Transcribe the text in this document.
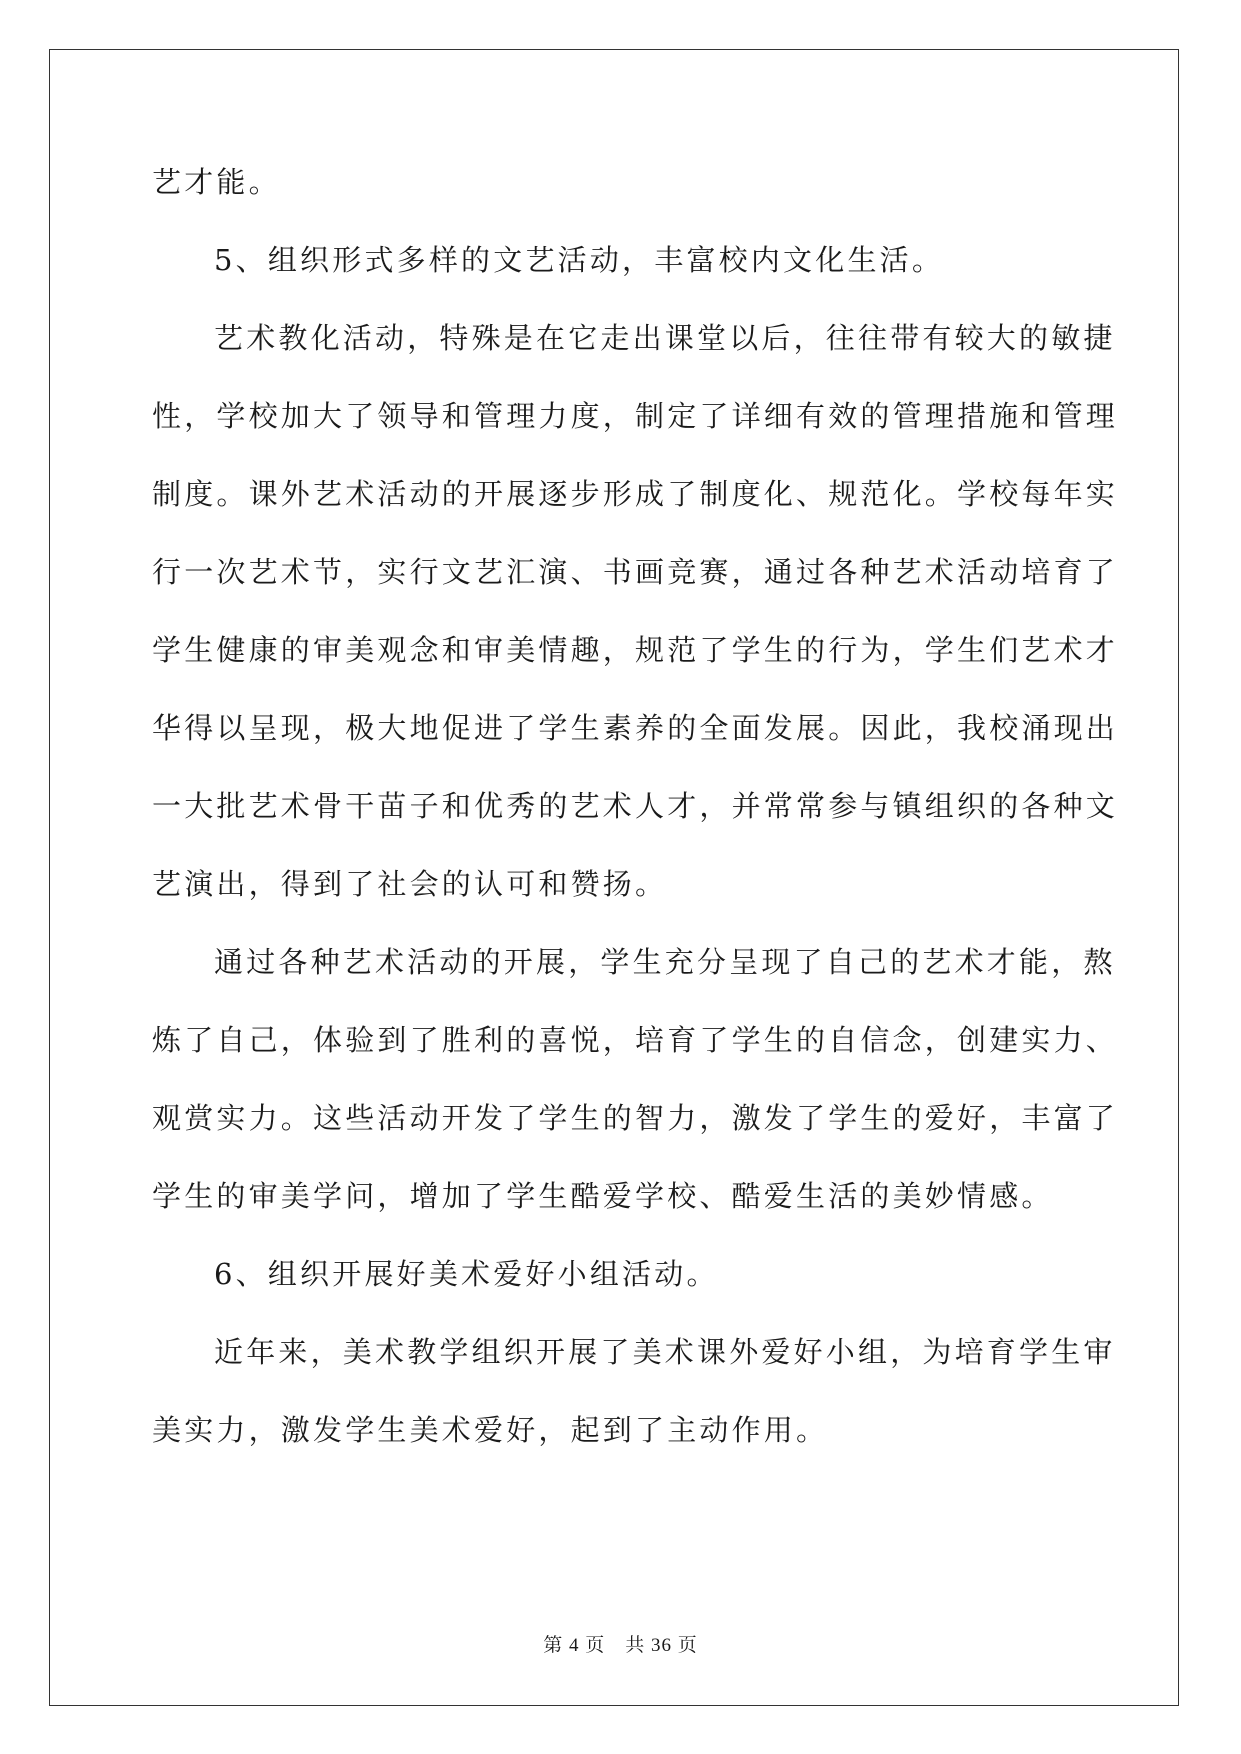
艺才能。
5、组织形式多样的文艺活动，丰富校内文化生活。
艺术教化活动，特殊是在它走出课堂以后，往往带有较大的敏捷
性，学校加大了领导和管理力度，制定了详细有效的管理措施和管理
制度。课外艺术活动的开展逐步形成了制度化、规范化。学校每年实
行一次艺术节，实行文艺汇演、书画竞赛，通过各种艺术活动培育了
学生健康的审美观念和审美情趣，规范了学生的行为，学生们艺术才
华得以呈现，极大地促进了学生素养的全面发展。因此，我校涌现出
一大批艺术骨干苗子和优秀的艺术人才，并常常参与镇组织的各种文
艺演出，得到了社会的认可和赞扬。
通过各种艺术活动的开展，学生充分呈现了自己的艺术才能，熬
炼了自己，体验到了胜利的喜悦，培育了学生的自信念，创建实力、
观赏实力。这些活动开发了学生的智力，激发了学生的爱好，丰富了
学生的审美学问，增加了学生酷爱学校、酷爱生活的美妙情感。
6、组织开展好美术爱好小组活动。
近年来，美术教学组织开展了美术课外爱好小组，为培育学生审
美实力，激发学生美术爱好，起到了主动作用。
第 4 页　共 36 页
